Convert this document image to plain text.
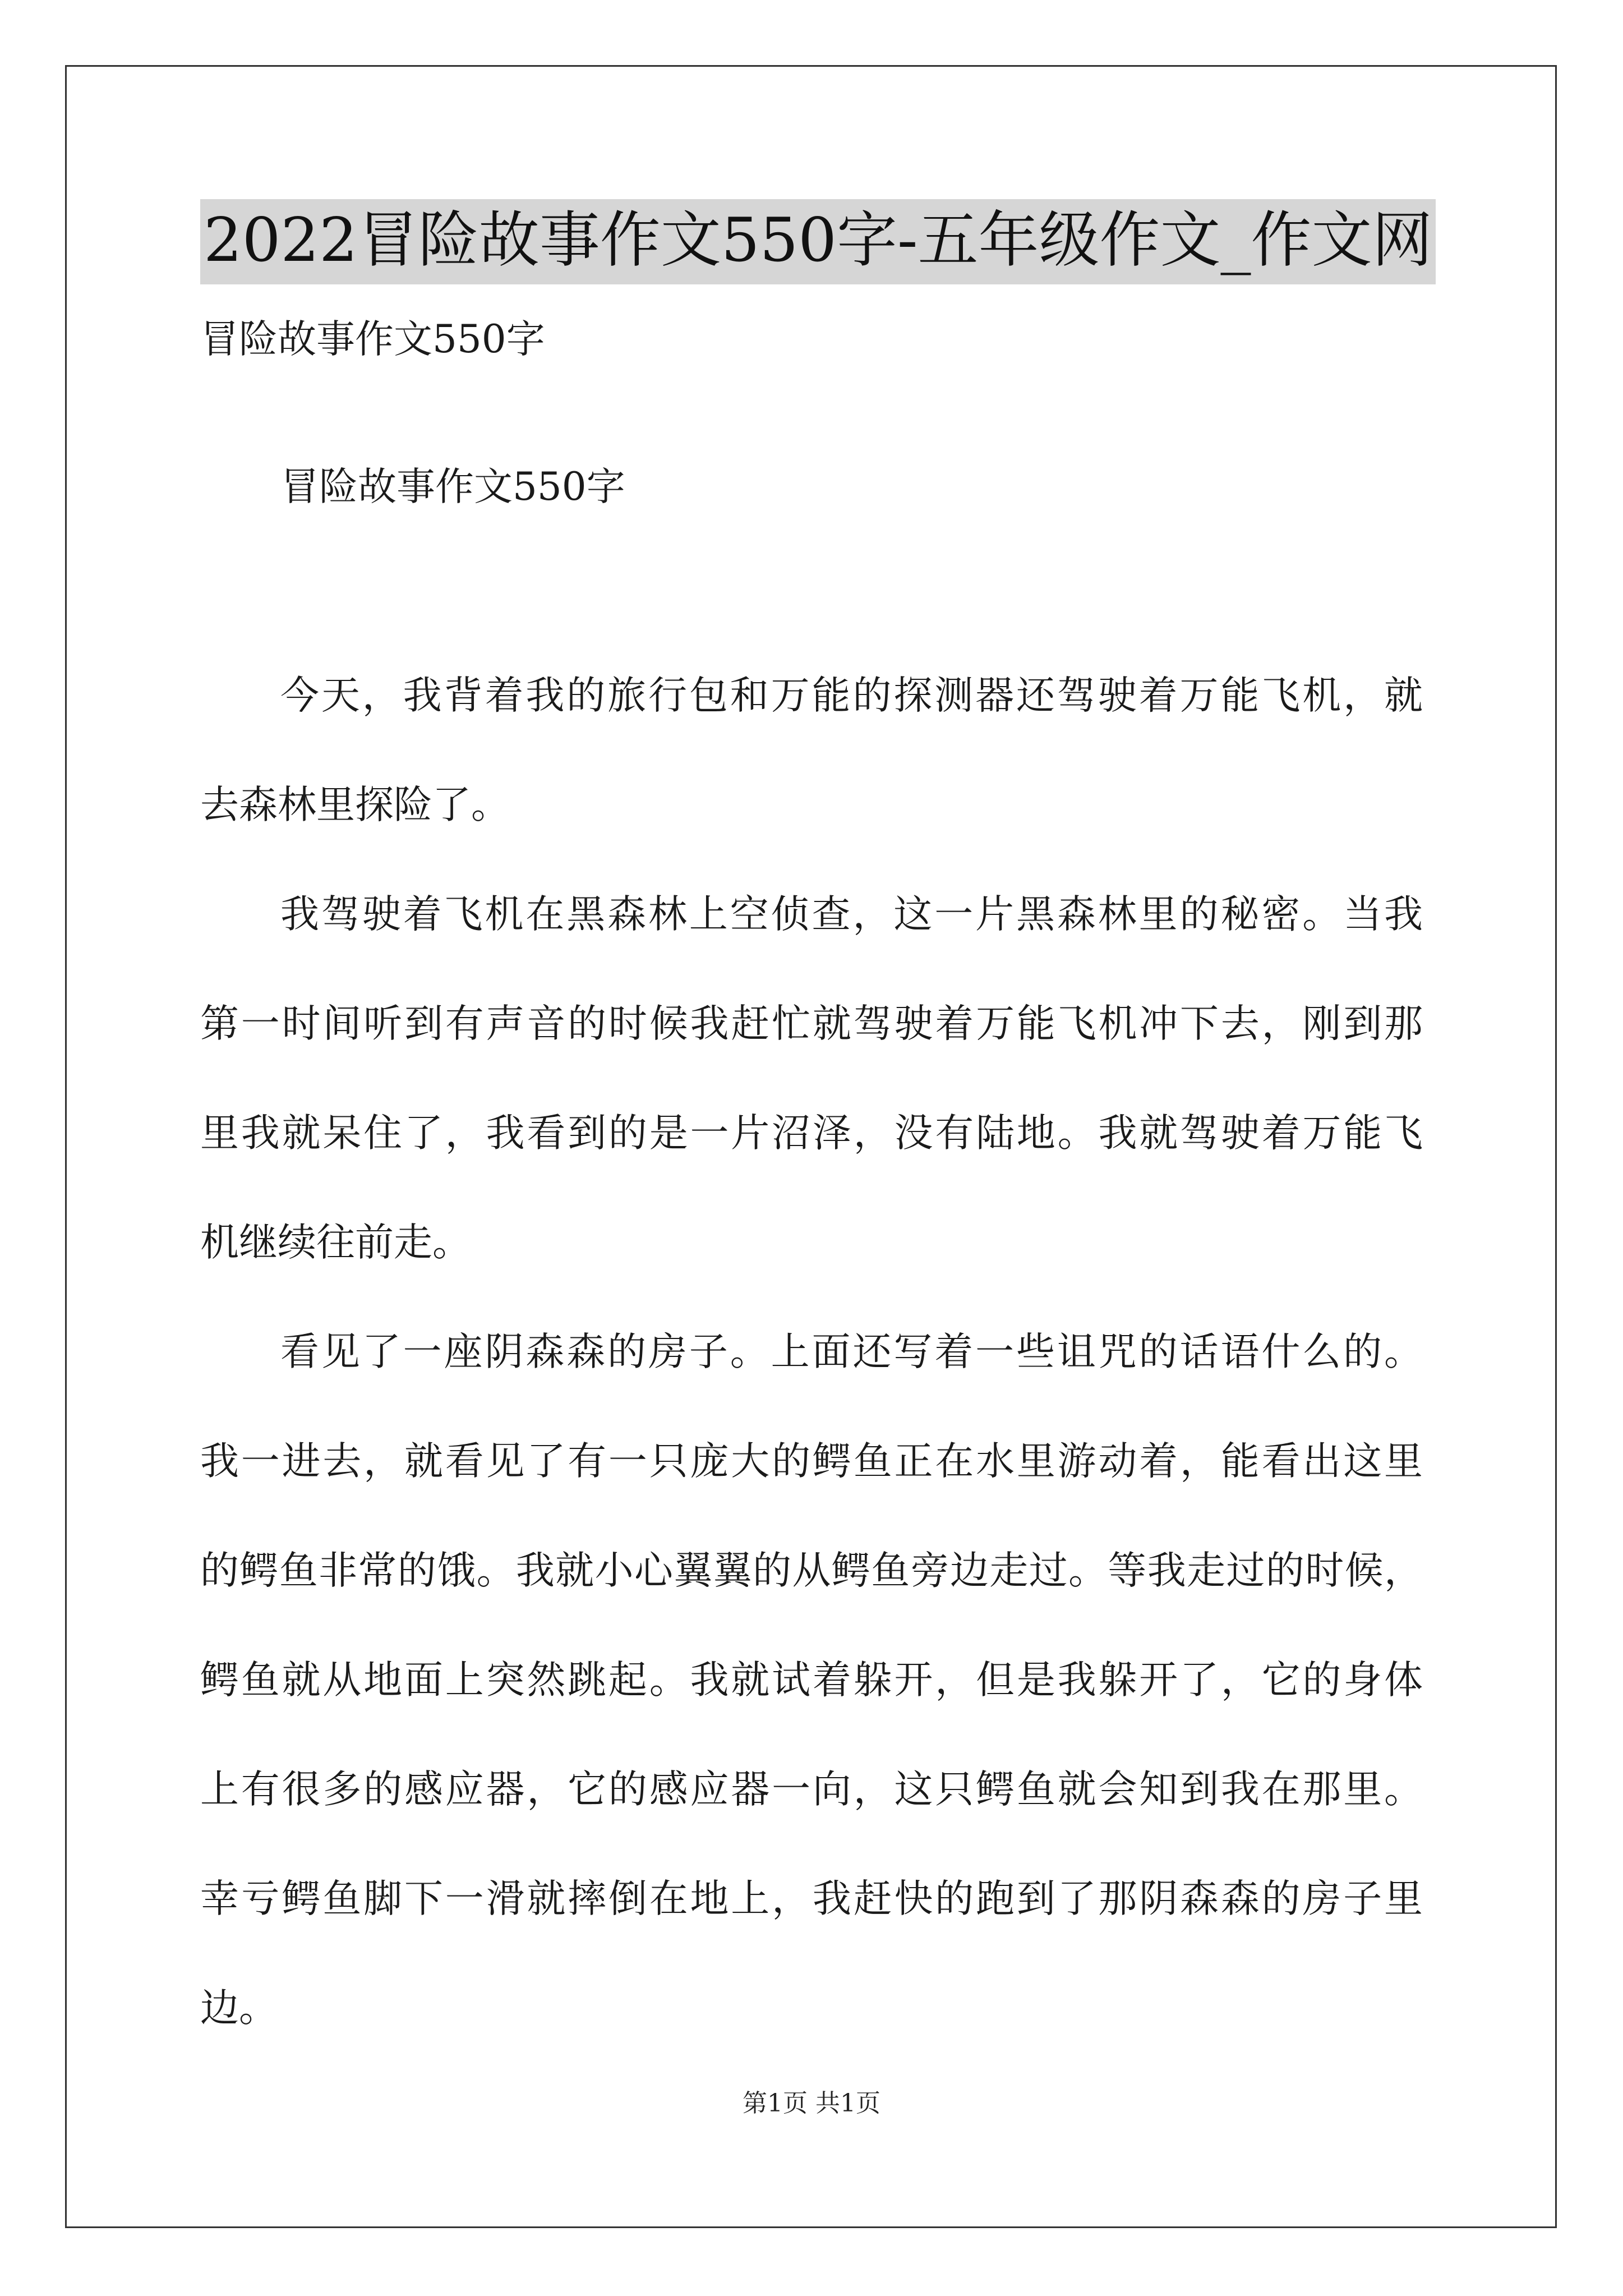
2022冒险故事作文550字-五年级作文_作文网
冒险故事作文550字
冒险故事作文550字
今天，我背着我的旅行包和万能的探测器还驾驶着万能飞机，就
去森林里探险了。
我驾驶着飞机在黑森林上空侦查，这一片黑森林里的秘密。当我
第一时间听到有声音的时候我赶忙就驾驶着万能飞机冲下去，刚到那
里我就呆住了，我看到的是一片沼泽，没有陆地。我就驾驶着万能飞
机继续往前走。
看见了一座阴森森的房子。上面还写着一些诅咒的话语什么的。
我一进去，就看见了有一只庞大的鳄鱼正在水里游动着，能看出这里
的鳄鱼非常的饿。我就小心翼翼的从鳄鱼旁边走过。等我走过的时候，
鳄鱼就从地面上突然跳起。我就试着躲开，但是我躲开了，它的身体
上有很多的感应器，它的感应器一向，这只鳄鱼就会知到我在那里。
幸亏鳄鱼脚下一滑就摔倒在地上，我赶快的跑到了那阴森森的房子里
边。
第1页 共1页
